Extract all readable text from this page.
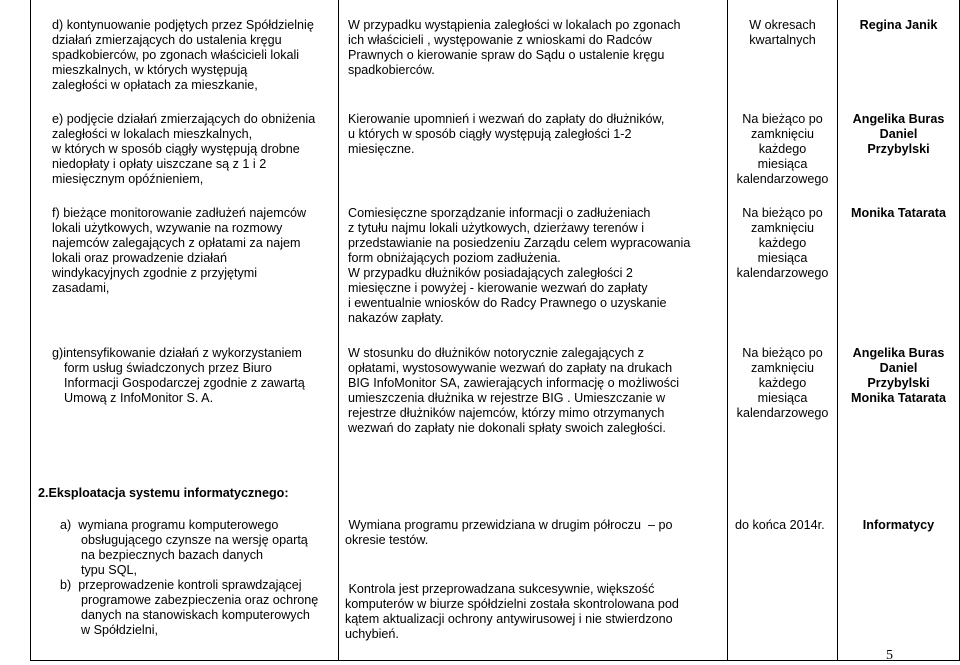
d) kontynuowanie podjętych przez Spółdzielnię
działań zmierzających do ustalenia kręgu
spadkobierców, po zgonach właścicieli lokali
mieszkalnych, w których występują
zaległości w opłatach za mieszkanie,
W przypadku wystąpienia zaległości w lokalach po zgonach
ich właścicieli , występowanie z wnioskami do Radców
Prawnych o kierowanie spraw do Sądu o ustalenie kręgu
spadkobierców.
W okresach
kwartalnych
Regina Janik
e) podjęcie działań zmierzających do obniżenia
zaległości w lokalach mieszkalnych,
w których w sposób ciągły występują drobne
niedopłaty i opłaty uiszczane są z 1 i 2
miesięcznym opóźnieniem,
Kierowanie upomnień i wezwań do zapłaty do dłużników,
u których w sposób ciągły występują zaległości 1-2
miesięczne.
Na bieżąco po
zamknięciu
każdego
miesiąca
kalendarzowego
Angelika Buras
Daniel
Przybylski
f) bieżące monitorowanie zadłużeń najemców
lokali użytkowych, wzywanie na rozmowy
najemców zalegających z opłatami za najem
lokali oraz prowadzenie działań
windykacyjnych zgodnie z przyjętymi
zasadami,
Comiesięczne sporządzanie informacji o zadłużeniach
z tytułu najmu lokali użytkowych, dzierżawy terenów i
przedstawianie na posiedzeniu Zarządu celem wypracowania
form obniżających poziom zadłużenia.
W przypadku dłużników posiadających zaległości 2
miesięczne i powyżej - kierowanie wezwań do zapłaty
i ewentualnie wniosków do Radcy Prawnego o uzyskanie
nakazów zapłaty.
Na bieżąco po
zamknięciu
każdego
miesiąca
kalendarzowego
Monika Tatarata
g)intensyfikowanie działań z wykorzystaniem
form usług świadczonych przez Biuro
Informacji Gospodarczej zgodnie z zawartą
Umową z InfoMonitor S. A.
W stosunku do dłużników notorycznie zalegających z
opłatami, wystosowywanie wezwań do zapłaty na drukach
BIG InfoMonitor SA, zawierających informację o możliwości
umieszczenia dłużnika w rejestrze BIG . Umieszczanie w
rejestrze dłużników najemców, którzy mimo otrzymanych
wezwań do zapłaty nie dokonali spłaty swoich zaległości.
Na bieżąco po
zamknięciu
każdego
miesiąca
kalendarzowego
Angelika Buras
Daniel
Przybylski
Monika Tatarata
2.Eksploatacja systemu informatycznego:
a)  wymiana programu komputerowego
obsługującego czynsze na wersję opartą
na bezpiecznych bazach danych
typu SQL,
b)  przeprowadzenie kontroli sprawdzającej
programowe zabezpieczenia oraz ochronę
danych na stanowiskach komputerowych
w Spółdzielni,
Wymiana programu przewidziana w drugim półroczu  – po
okresie testów.
Kontrola jest przeprowadzana sukcesywnie, większość
komputerów w biurze spółdzielni została skontrolowana pod
kątem aktualizacji ochrony antywirusowej i nie stwierdzono
uchybień.
do końca 2014r.	Informatycy
5
